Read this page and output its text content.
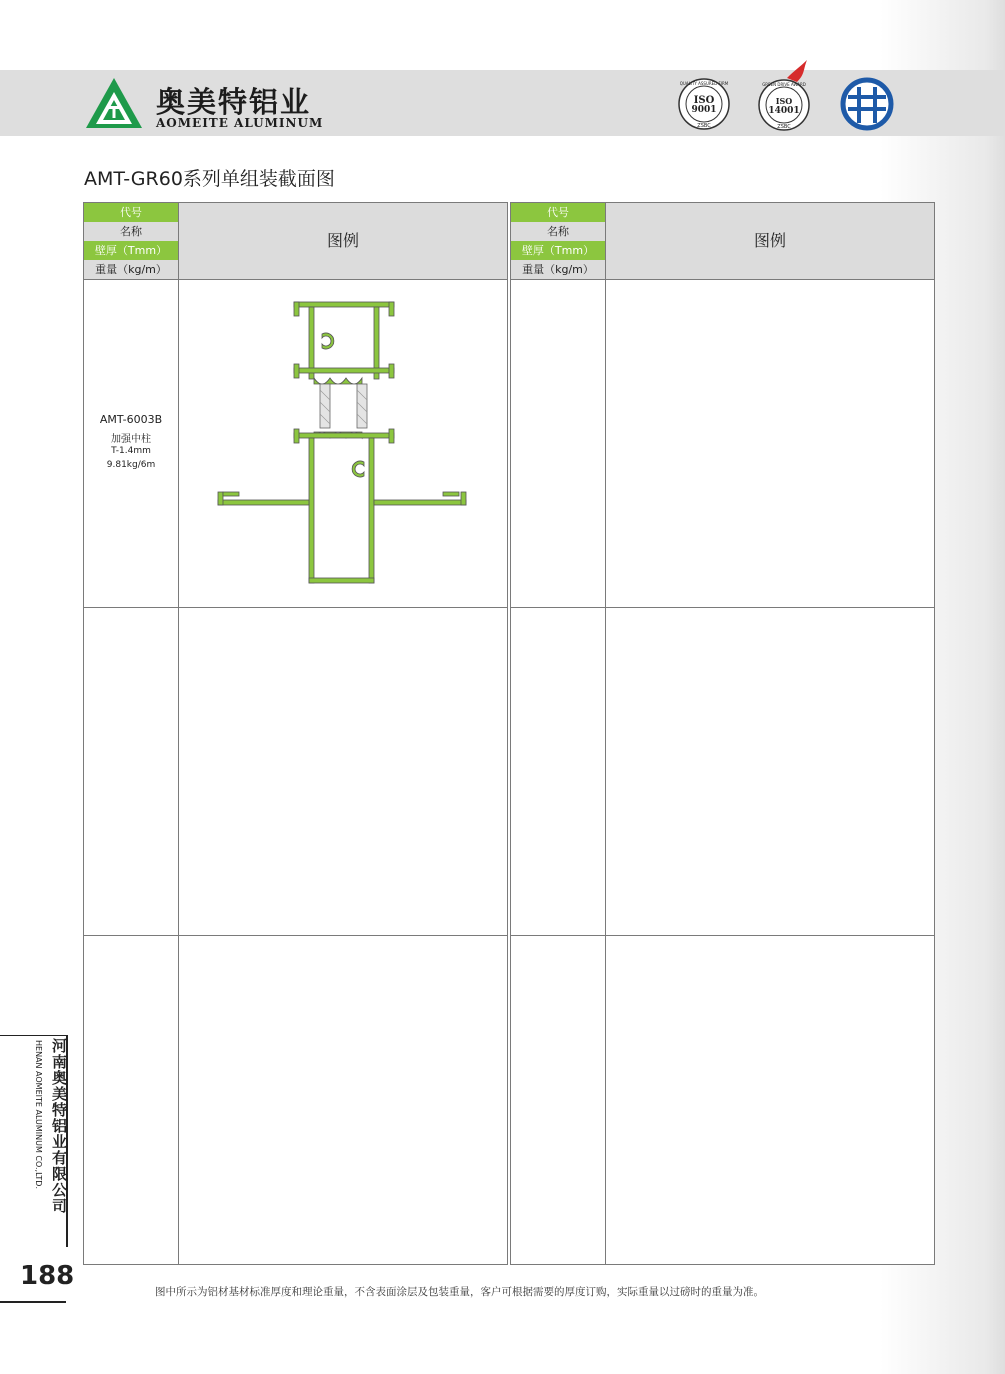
奥美特铝业
AOMEITE ALUMINUM
ISO
9001
ZSBC
QUALITY ASSURED FIRM
ISO
14001
ZSBC
GREEN DRIVE AWARD
AMT-GR60系列单组装截面图
代号
名称
壁厚（Tmm）
重量（kg/m）
图例
AMT-6003B
加强中柱
T-1.4mm
9.81kg/6m
代号
名称
壁厚（Tmm）
重量（kg/m）
图例
河南奥美特铝业有限公司
HENAN AOMEITE ALUMINUM CO.,LTD.
188
图中所示为铝材基材标准厚度和理论重量，不含表面涂层及包装重量，客户可根据需要的厚度订购，实际重量以过磅时的重量为准。
